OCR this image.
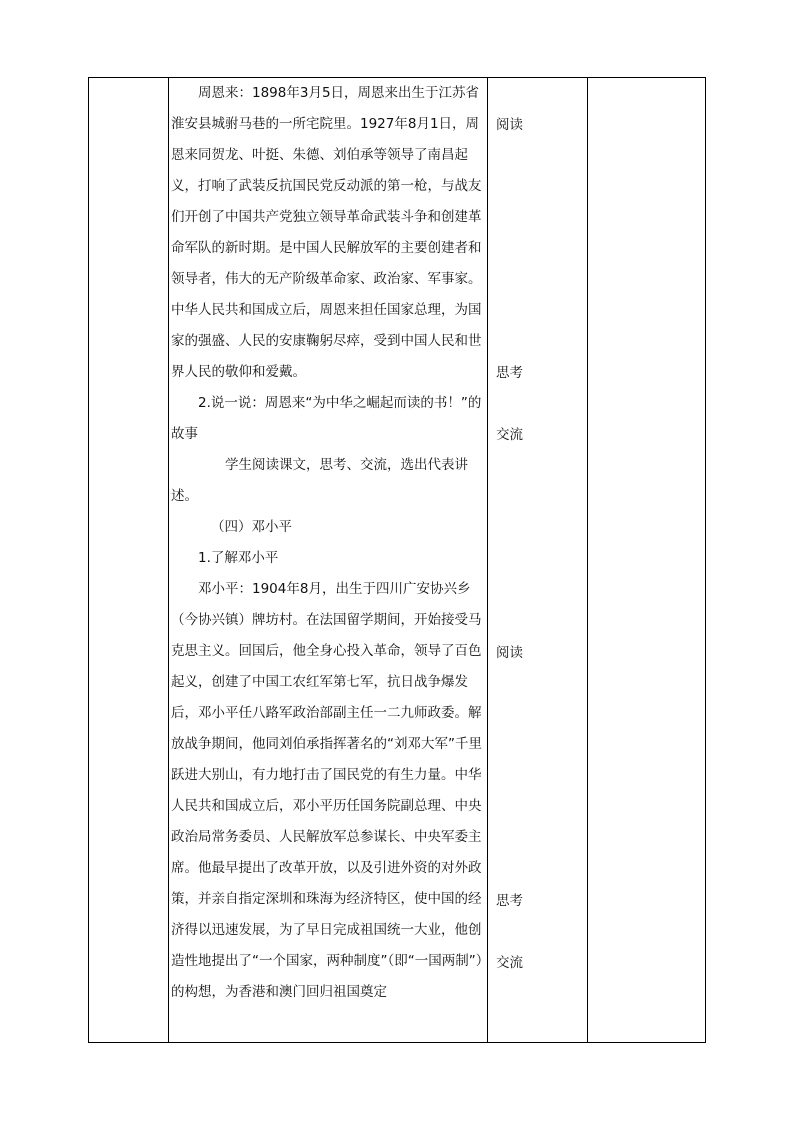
周恩来：1898年3月5日，周恩来出生于江苏省淮安县城驸马巷的一所宅院里。1927年8月1日，周恩来同贺龙、叶挺、朱德、刘伯承等领导了南昌起义，打响了武装反抗国民党反动派的第一枪，与战友们开创了中国共产党独立领导革命武装斗争和创建革命军队的新时期。是中国人民解放军的主要创建者和领导者，伟大的无产阶级革命家、政治家、军事家。

中华人民共和国成立后，周恩来担任国家总理，为国家的强盛、人民的安康鞠躬尽瘁，受到中国人民和世界人民的敬仰和爱戴。

2.说一说：周恩来“为中华之崛起而读的书！”的故事

学生阅读课文，思考、交流，选出代表讲述。

（四）邓小平

1.了解邓小平

邓小平：1904年8月，出生于四川广安协兴乡（今协兴镇）牌坊村。在法国留学期间，开始接受马克思主义。回国后，他全身心投入革命，领导了百色起义，创建了中国工农红军第七军，抗日战争爆发后，邓小平任八路军政治部副主任一二九师政委。解放战争期间，他同刘伯承指挥著名的“刘邓大军”千里跃进大别山，有力地打击了国民党的有生力量。中华人民共和国成立后，邓小平历任国务院副总理、中央政治局常务委员、人民解放军总参谋长、中央军委主席。他最早提出了改革开放，以及引进外资的对外政策，并亲自指定深圳和珠海为经济特区，使中国的经济得以迅速发展，为了早日完成祖国统一大业，他创造性地提出了“一个国家，两种制度”（即“一国两制”）的构想，为香港和澳门回归祖国奠定

阅读
思考
交流
阅读
思考
交流
